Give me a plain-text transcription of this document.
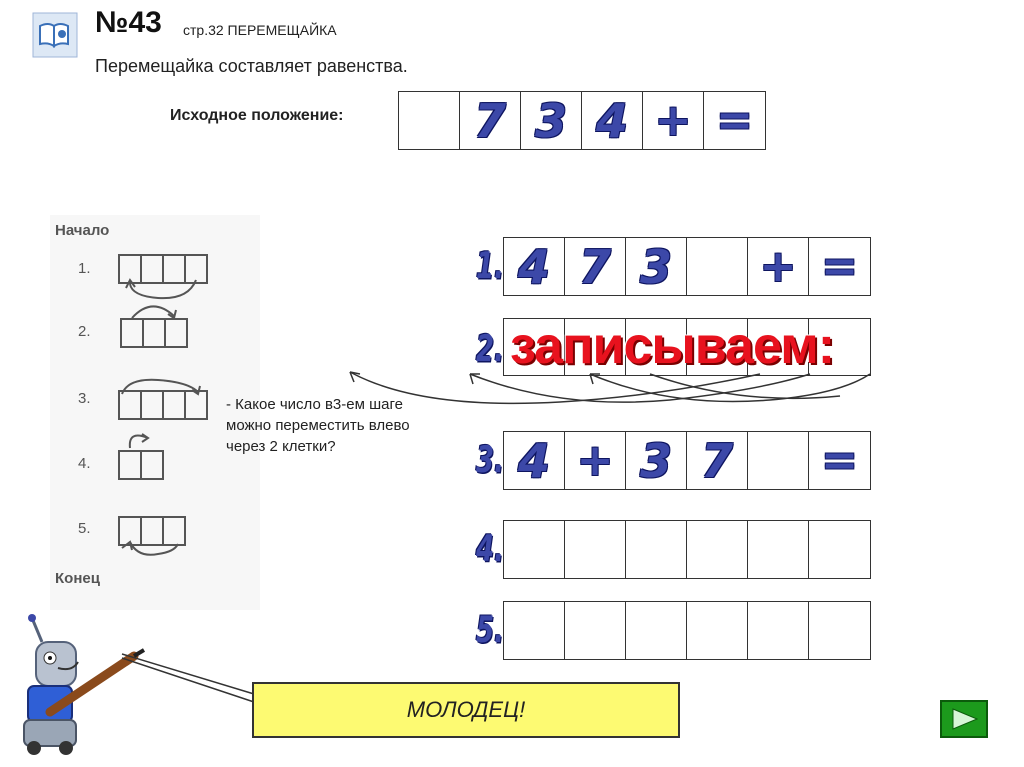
№43 стр.32 ПЕРЕМЕЩАЙКА
Перемещайка составляет равенства.
Исходное положение:	7 3 4 + =
Начало
Конец
1.
2.
3.
4.
5.
- Какое число в3-ем шаге можно переместить влево через 2 клетки?
1. 4 7 3	+ =
2. записываем:
3. 4 + 3 7	=
4.
5.
МОЛОДЕЦ!
